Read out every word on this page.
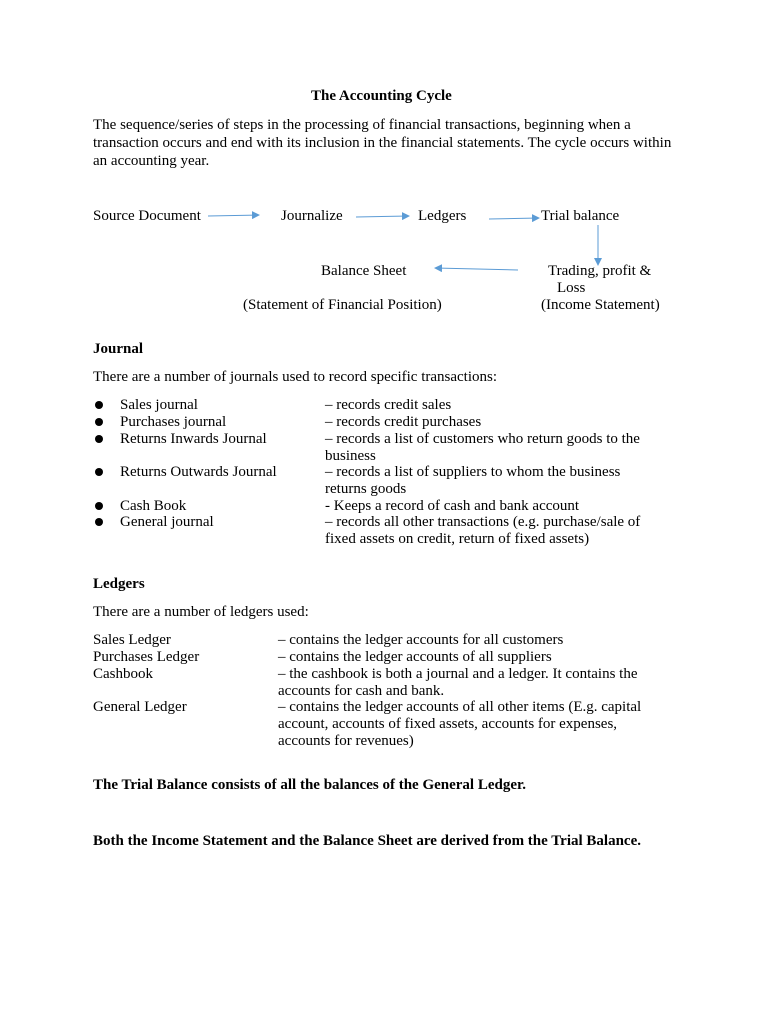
The Accounting Cycle
The sequence/series of steps in the processing of financial transactions, beginning when a transaction occurs and end with its inclusion in the financial statements. The cycle occurs within an accounting year.
Source Document	Journalize	Ledgers	Trial balance
Trading, profit &
Loss
(Income Statement)
Balance Sheet
(Statement of Financial Position)
Journal
There are a number of journals used to record specific transactions:
Sales journal	– records credit sales
Purchases journal	– records credit purchases
Returns Inwards Journal	– records a list of customers who return goods to the business
Returns Outwards Journal	– records a list of suppliers to whom the business returns goods
Cash Book	- Keeps a record of cash and bank account
General journal	– records all other transactions (e.g. purchase/sale of fixed assets on credit, return of fixed assets)
Ledgers
There are a number of ledgers used:
Sales Ledger	– contains the ledger accounts for all customers
Purchases Ledger	– contains the ledger accounts of all suppliers
Cashbook	– the cashbook is both a journal and a ledger. It contains the accounts for cash and bank.
General Ledger	– contains the ledger accounts of all other items (E.g. capital account, accounts of fixed assets, accounts for expenses, accounts for revenues)
The Trial Balance consists of all the balances of the General Ledger.
Both the Income Statement and the Balance Sheet are derived from the Trial Balance.
